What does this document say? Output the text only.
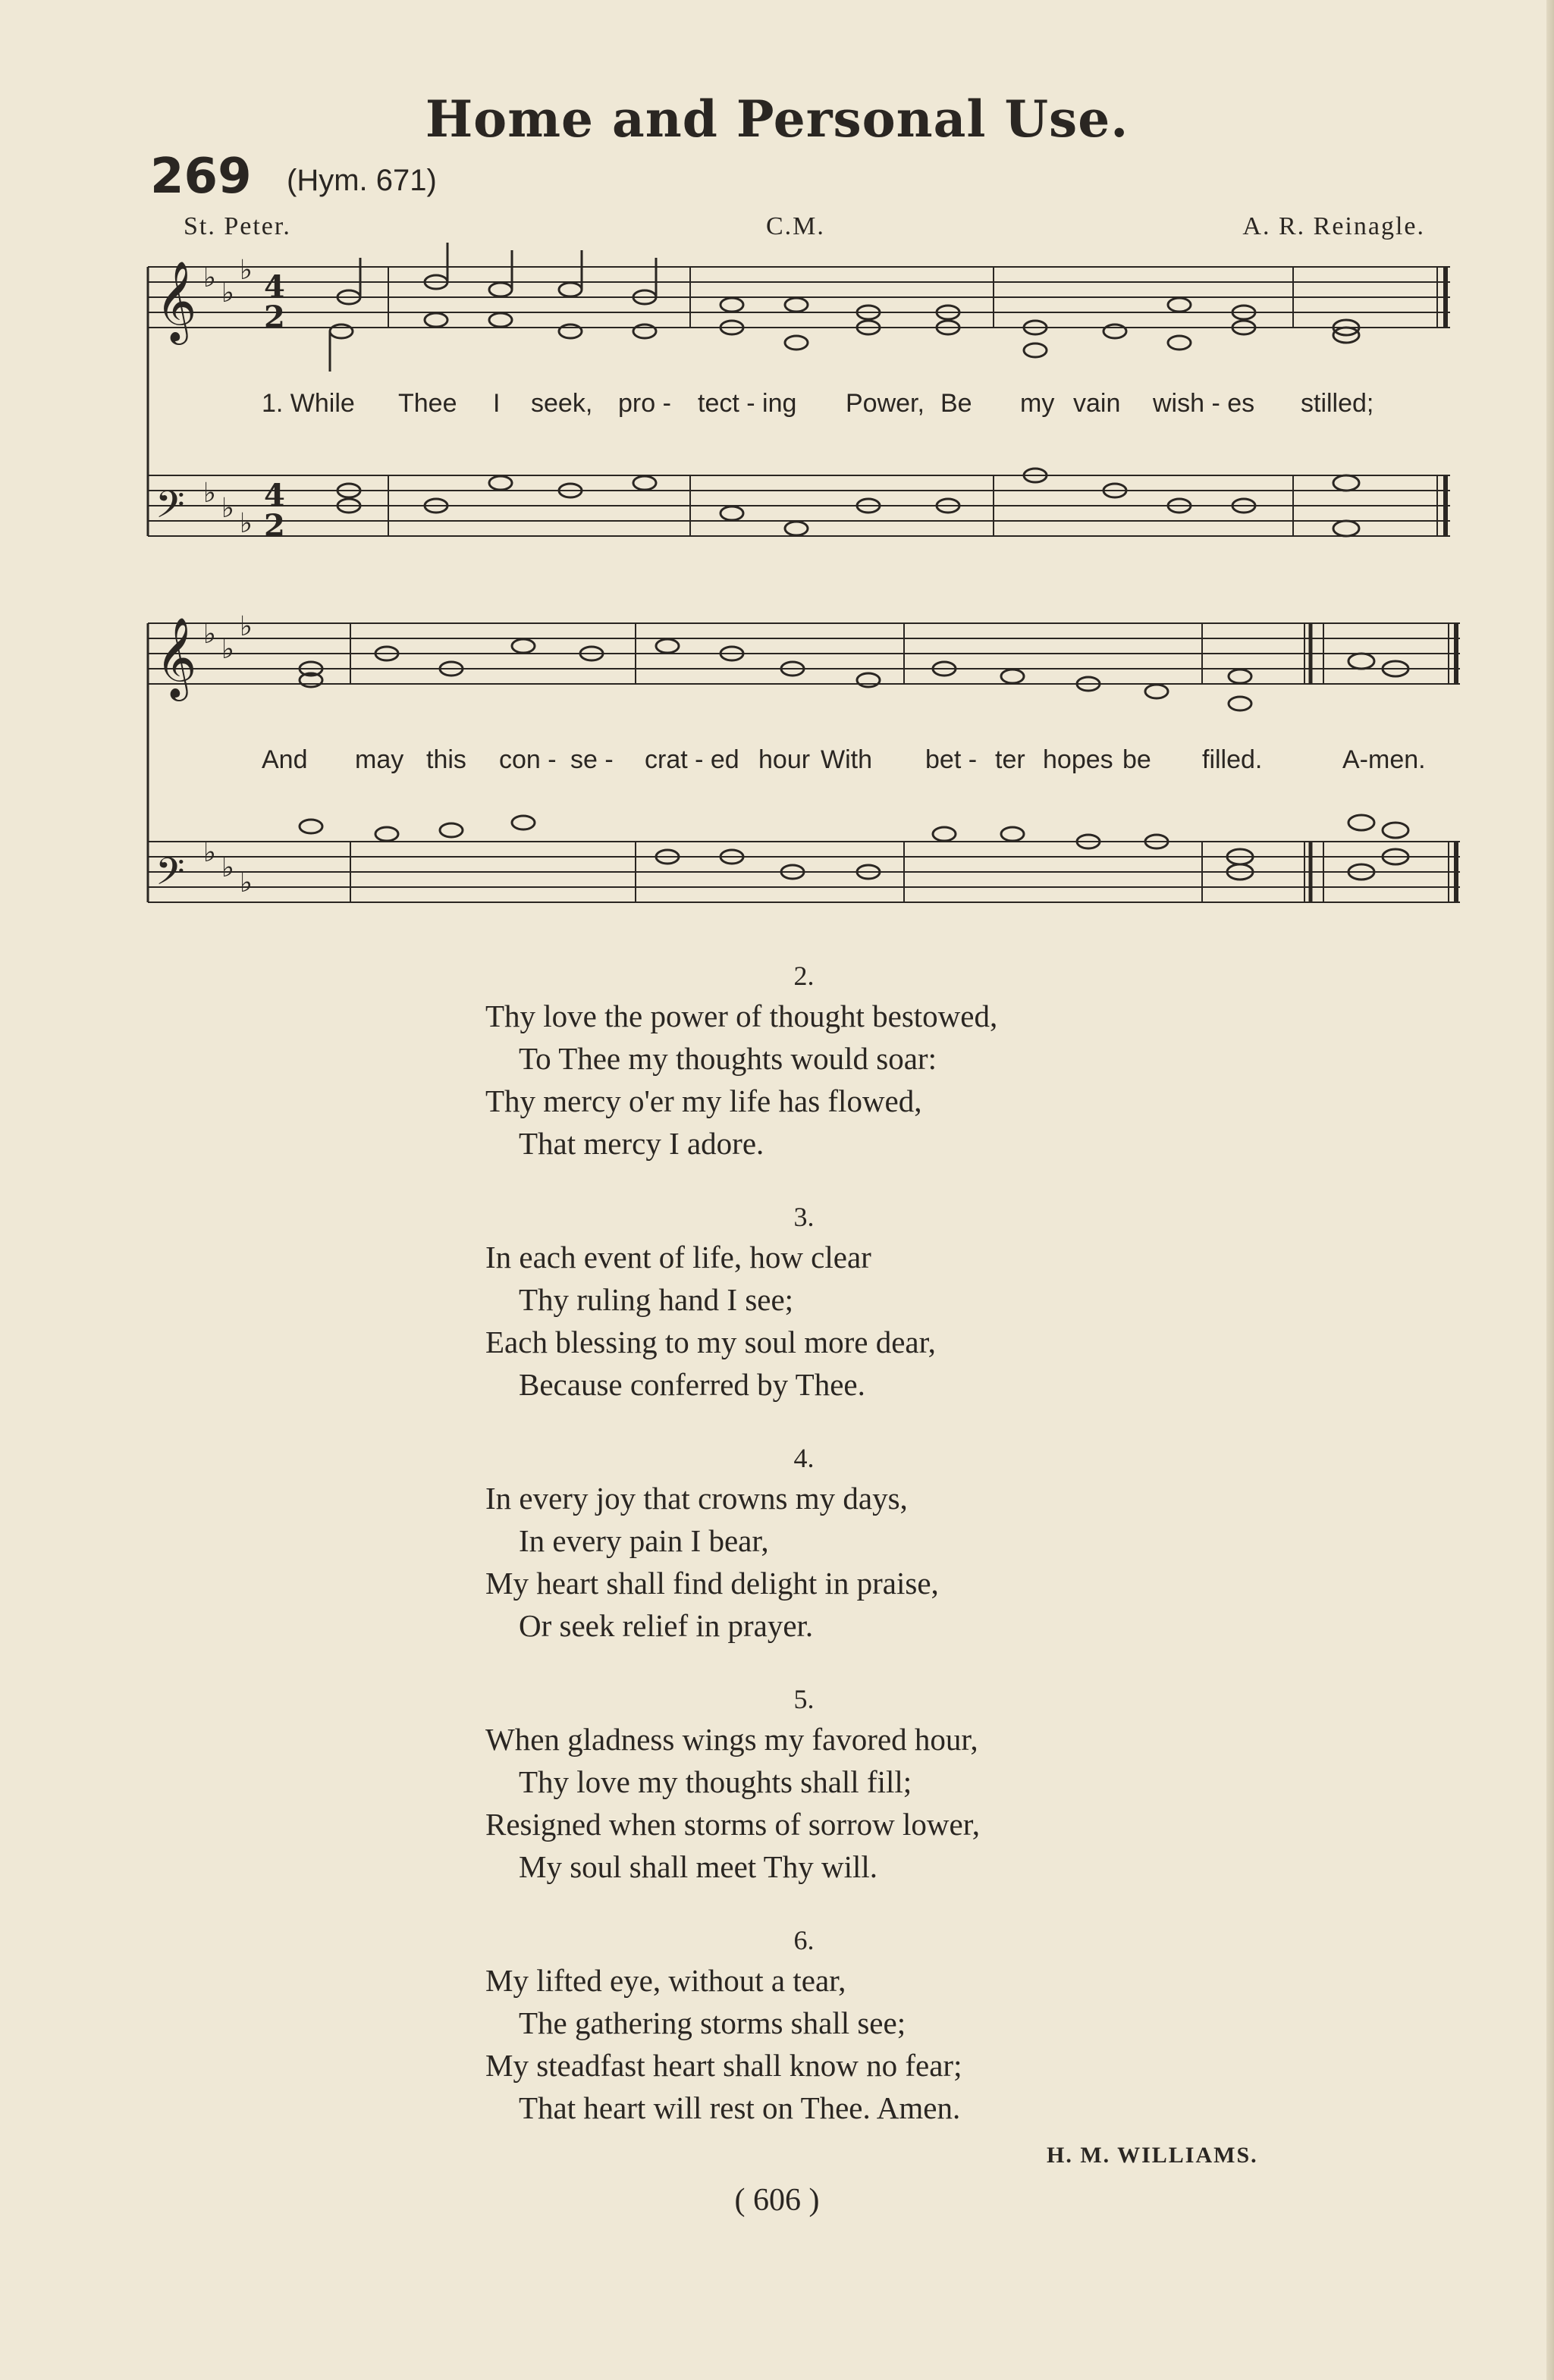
Home and Personal Use.
269 (Hym. 671)
St. Peter.	C.M.	A. R. Reinagle.
𝄞
𝄢
𝄞
𝄢
♭ ♭
♭
♭ ♭ ♭
♭ ♭
♭
♭ ♭ ♭
4
2
4
2
1. While Thee I seek, pro - tect - ing Power, Be my vain wish - es stilled;
And may this con - se - crat - ed hour With bet - ter hopes be filled.	A-men.
2.
Thy love the power of thought bestowed,
To Thee my thoughts would soar:
Thy mercy o'er my life has flowed,
That mercy I adore.
3.
In each event of life, how clear
Thy ruling hand I see;
Each blessing to my soul more dear,
Because conferred by Thee.
4.
In every joy that crowns my days,
In every pain I bear,
My heart shall find delight in praise,
Or seek relief in prayer.
5.
When gladness wings my favored hour,
Thy love my thoughts shall fill;
Resigned when storms of sorrow lower,
My soul shall meet Thy will.
6.
My lifted eye, without a tear,
The gathering storms shall see;
My steadfast heart shall know no fear;
That heart will rest on Thee. Amen.
H. M. WILLIAMS.
( 606 )
